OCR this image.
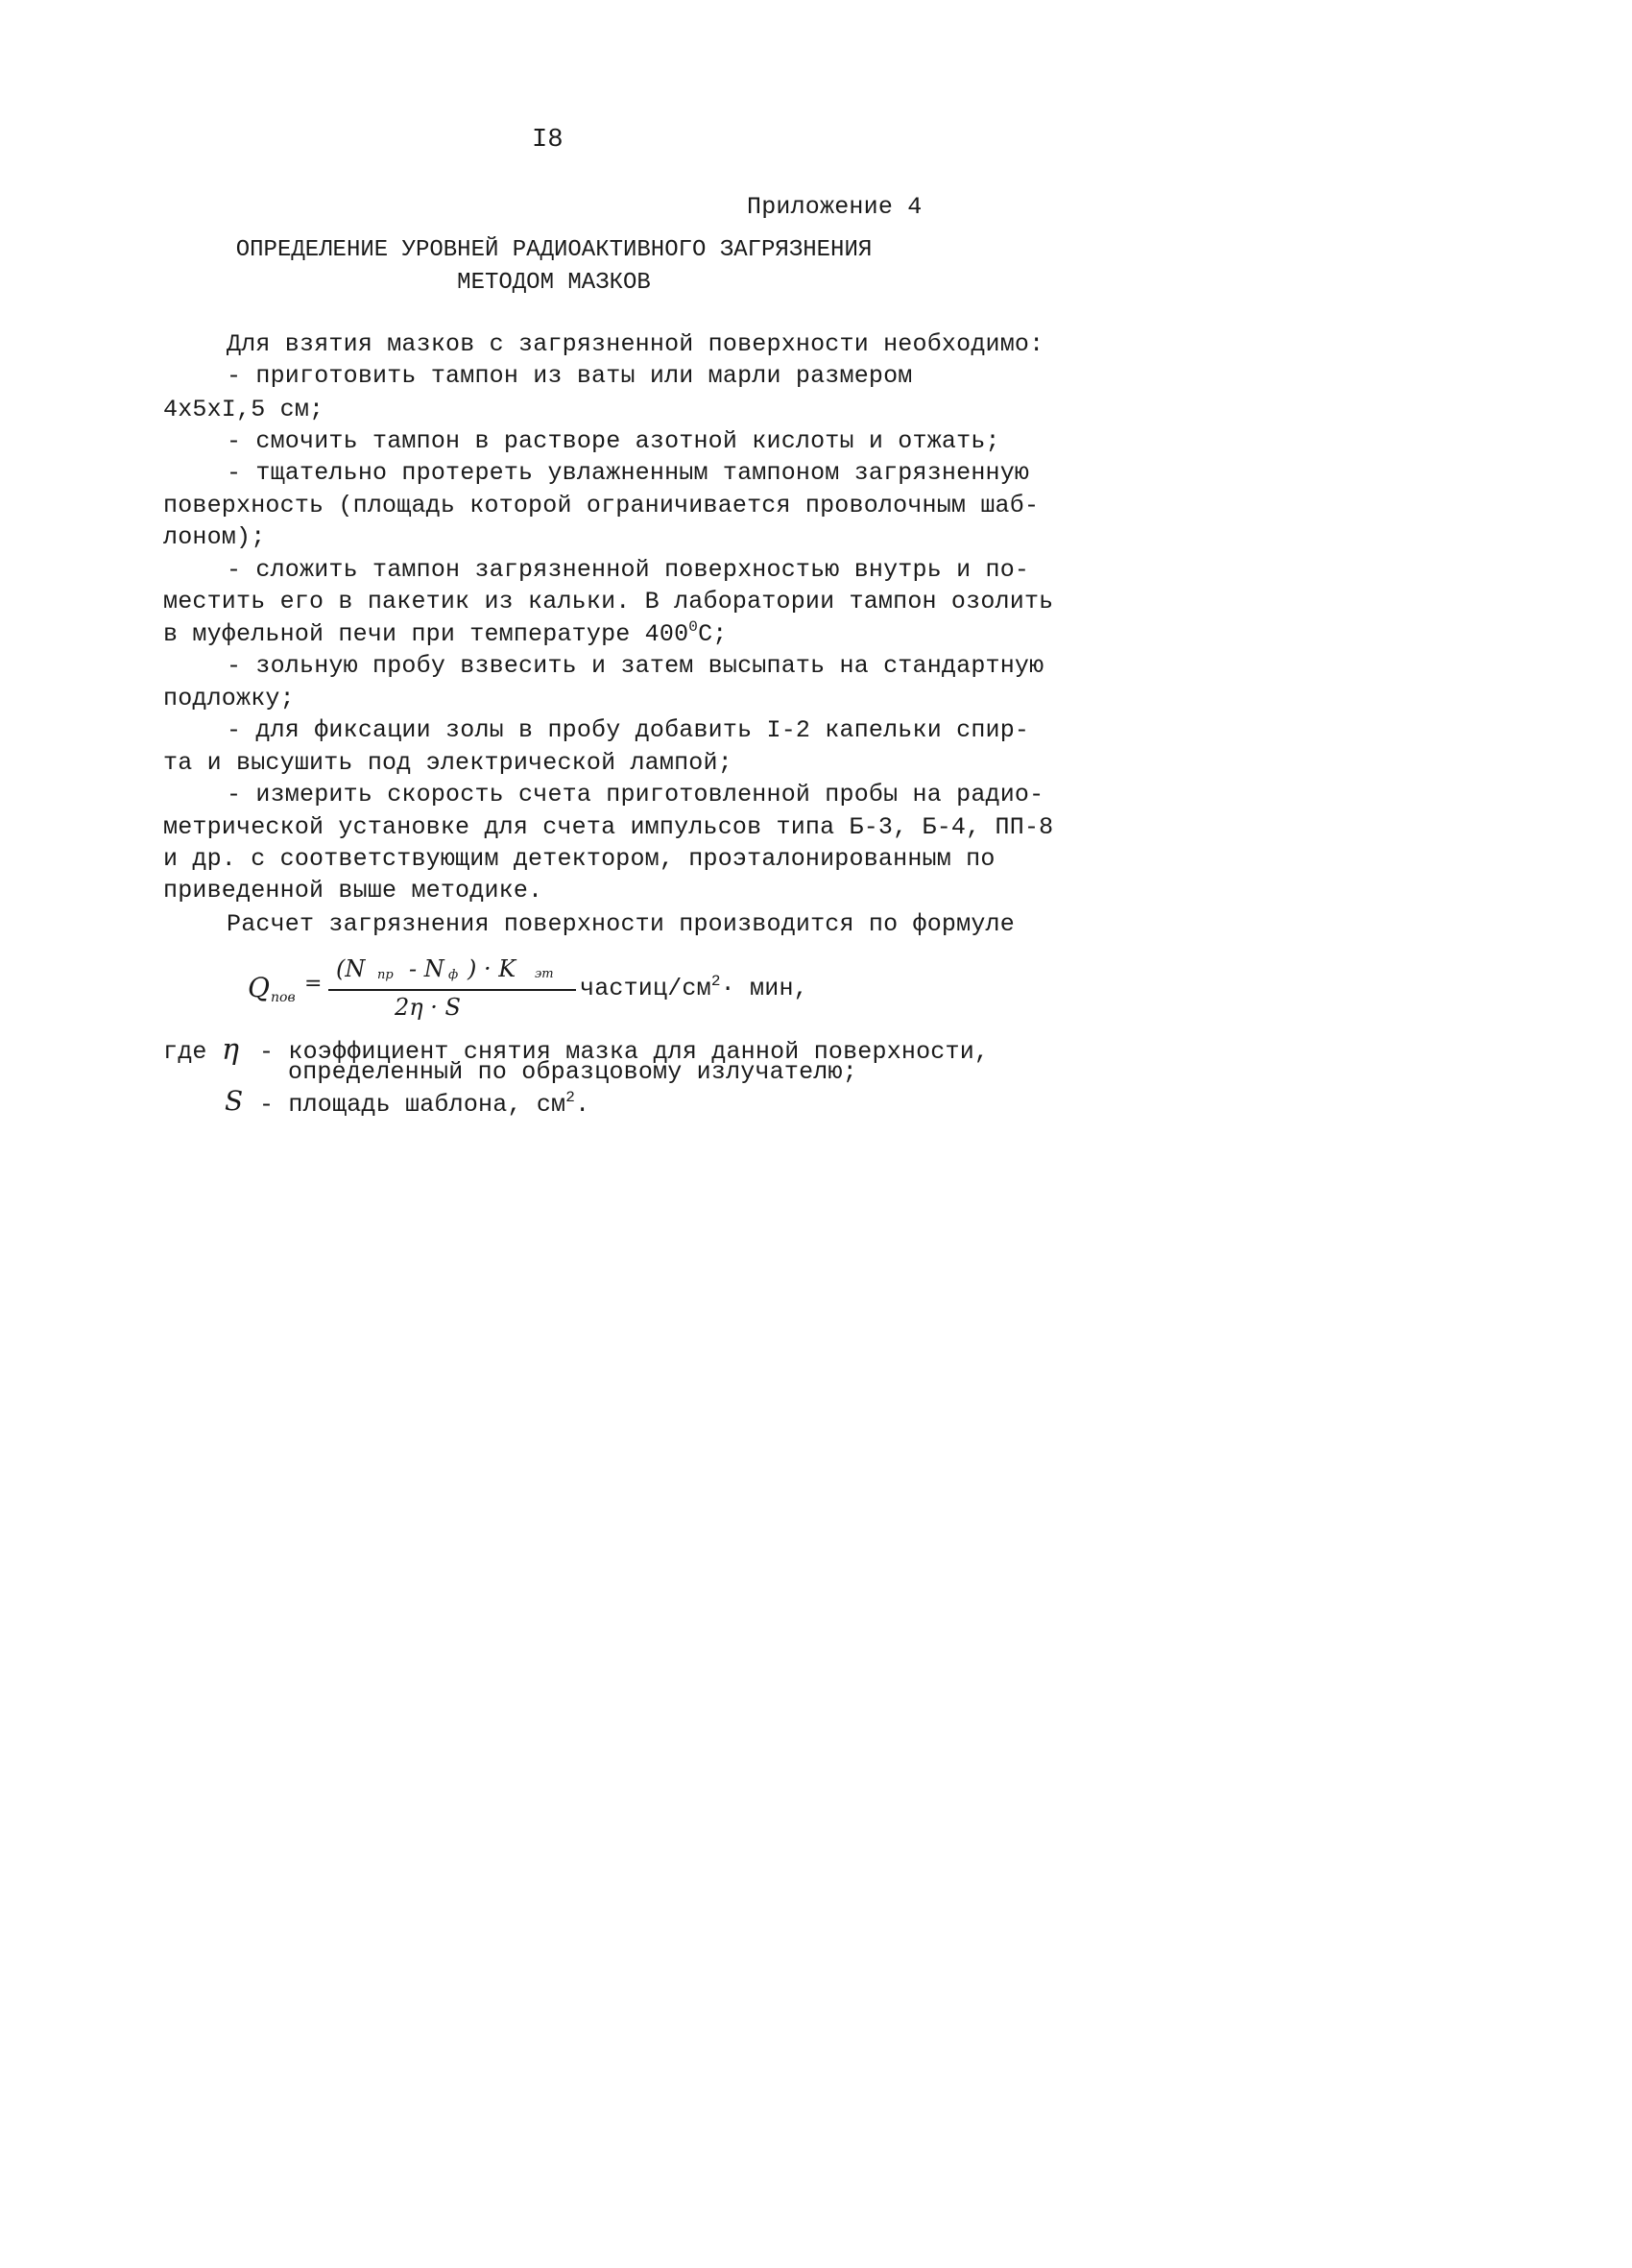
I8
Приложение 4
ОПРЕДЕЛЕНИЕ УРОВНЕЙ РАДИОАКТИВНОГО ЗАГРЯЗНЕНИЯ
МЕТОДОМ МАЗКОВ
Для взятия мазков с загрязненной поверхности необходимо:
- приготовить тампон из ваты или марли размером
4х5хI,5 см;
- смочить тампон в растворе азотной кислоты и отжать;
- тщательно протереть увлажненным тампоном загрязненную
поверхность (площадь которой ограничивается проволочным шаб-
лоном);
- сложить тампон загрязненной поверхностью внутрь и по-
местить его в пакетик из кальки. В лаборатории тампон озолить
в муфельной печи при температуре $400^0С$;
- зольную пробу взвесить и затем высыпать на стандартную
подложку;
- для фиксации золы в пробу добавить I-2 капельки спир-
та и высушить под электрической лампой;
- измерить скорость счета приготовленной пробы на радио-
метрической установке для счета импульсов типа Б-3, Б-4, ПП-8
и др. с соответствующим детектором, проэталонированным по
приведенной выше методике.
Расчет загрязнения поверхности производится по формуле
Q пов
=
(N пр - N ф ) · K эт
2η · S
частиц/$см^2\cdot$ мин,
где η - коэффициент снятия мазка для данной поверхности,
определенный по образцовому излучателю;
S - площадь шаблона, $см^2$.
